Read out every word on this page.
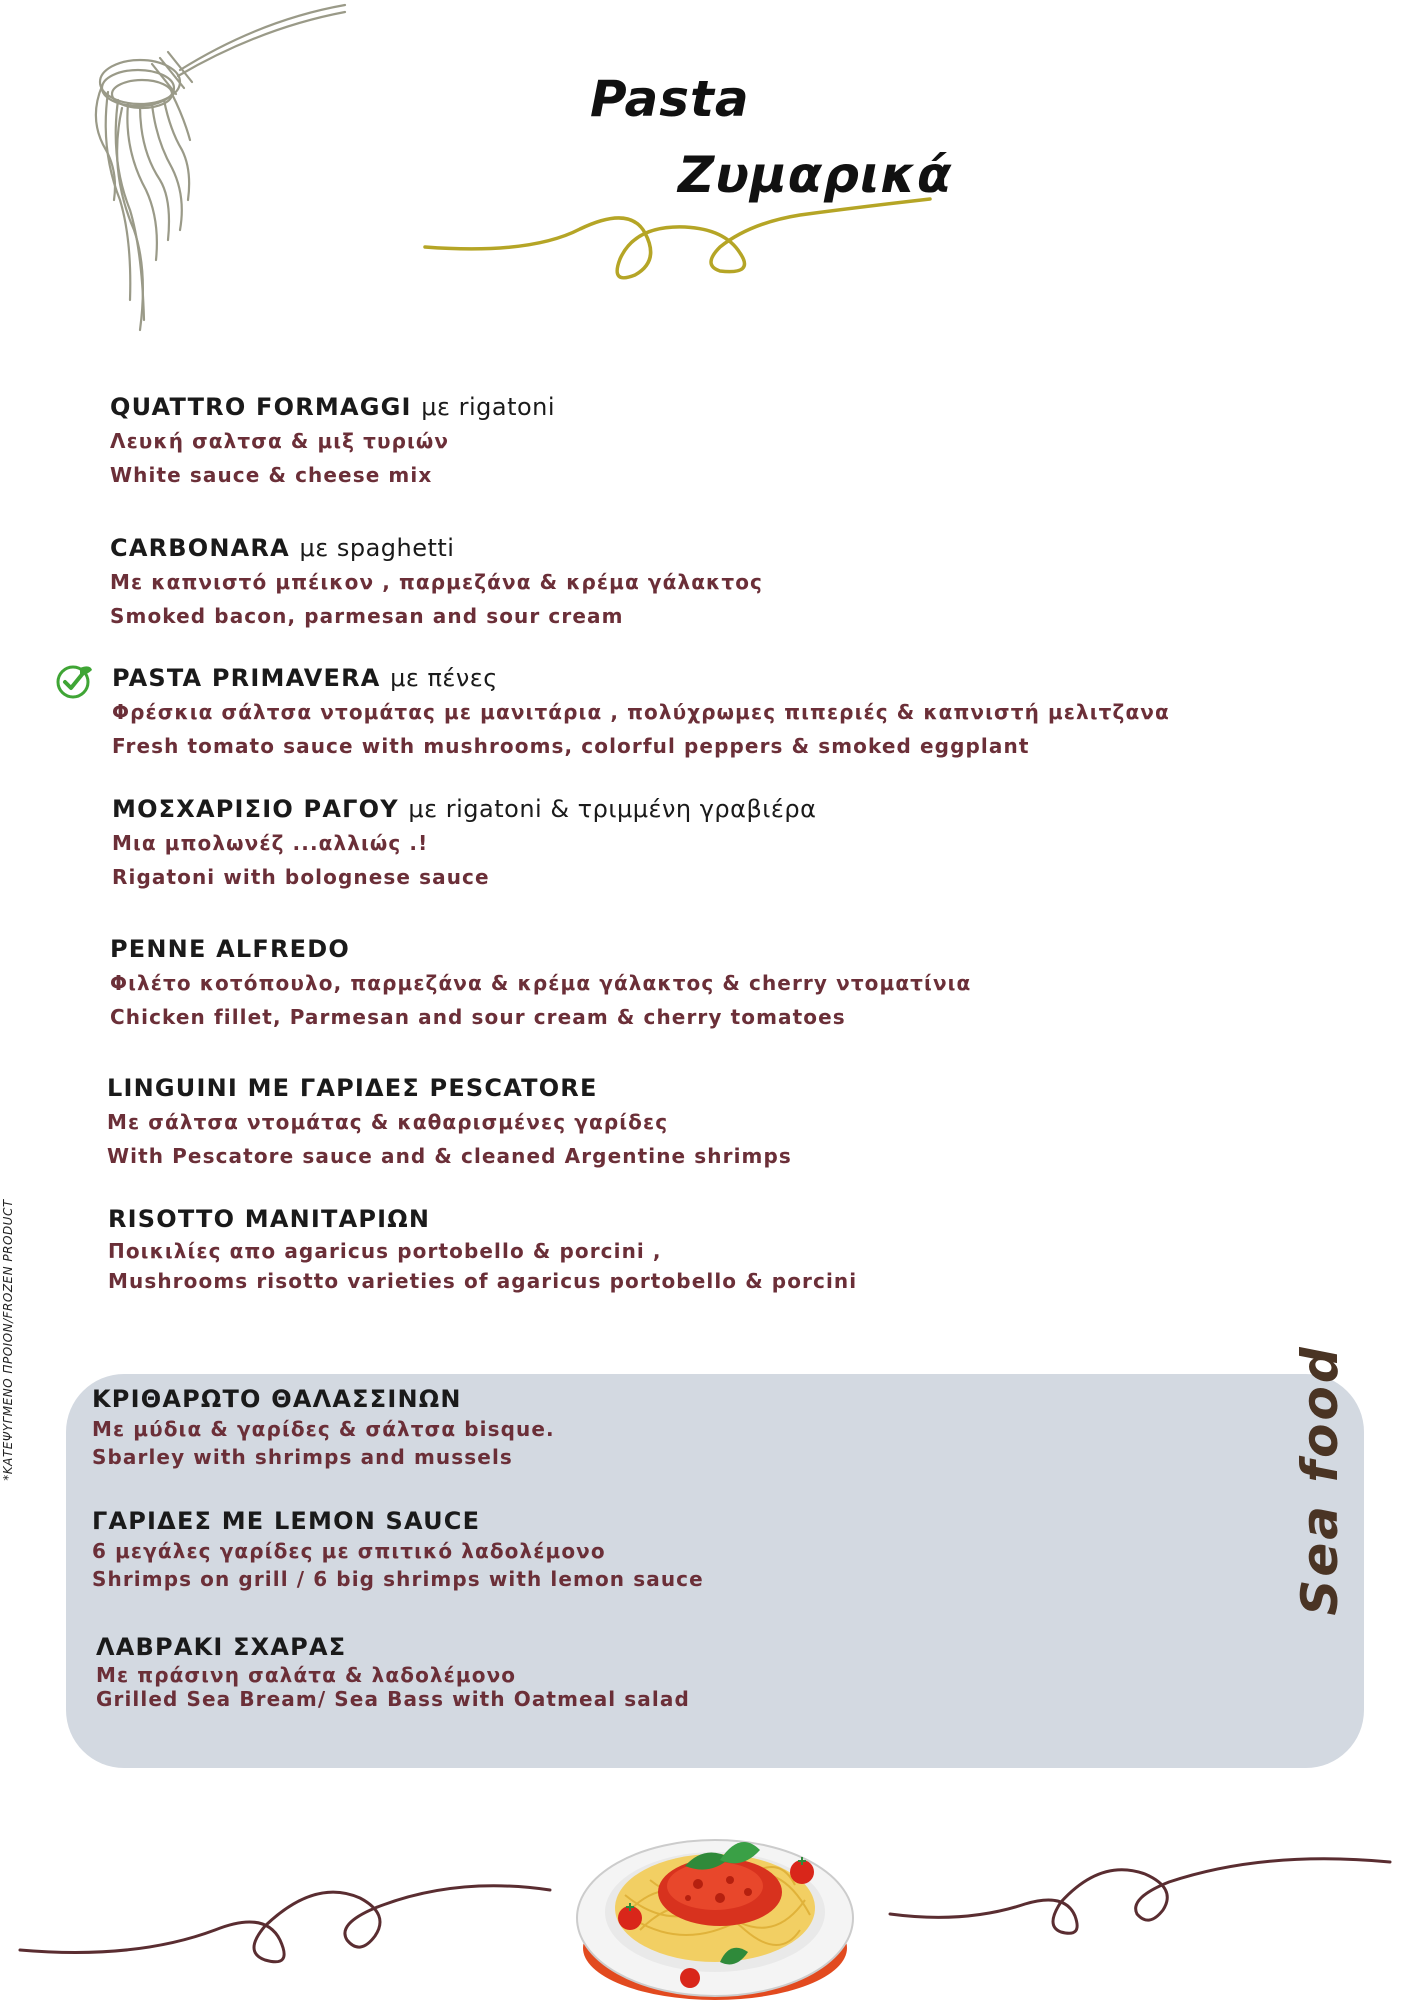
Pasta
Ζυμαρικά
QUATTRO FORMAGGI με rigatoni
Λευκή σαλτσα & μιξ τυριών
White sauce & cheese mix
CARBONARA με spaghetti
Με καπνιστό μπέικον , παρμεζάνα & κρέμα γάλακτος
Smoked bacon, parmesan and sour cream
PASTA PRIMAVERA με πένες
Φρέσκια σάλτσα ντομάτας με μανιτάρια , πολύχρωμες πιπεριές & καπνιστή μελιτζανα
Fresh tomato sauce with mushrooms, colorful peppers & smoked eggplant
ΜΟΣΧΑΡΙΣΙΟ ΡΑΓΟΥ με rigatoni & τριμμένη γραβιέρα
Μια μπολωνέζ ...αλλιώς .!
Rigatoni with bolognese sauce
PENNE ALFREDO
Φιλέτο κοτόπουλο, παρμεζάνα & κρέμα γάλακτος & cherry ντοματίνια
Chicken fillet, Parmesan and sour cream & cherry tomatoes
LINGUINI ΜΕ ΓΑΡΙΔΕΣ PESCATORE
Με σάλτσα ντομάτας & καθαρισμένες γαρίδες
With Pescatore sauce and & cleaned Argentine shrimps
RISOTTO ΜΑΝΙΤΑΡΙΩΝ
Ποικιλίες απο agaricus portobello & porcini ,
Mushrooms risotto varieties of agaricus portobello & porcini
*ΚΑΤΕΨΥΓΜΕΝΟ ΠΡΟΙΟΝ/FROZEN PRODUCT	ΚΡΙΘΑΡΩΤΟ ΘΑΛΑΣΣΙΝΩΝ
Με μύδια & γαρίδες & σάλτσα bisque.
Sbarley with shrimps and mussels
ΓΑΡΙΔΕΣ ΜΕ LEMON SAUCE
6 μεγάλες γαρίδες με σπιτικό λαδολέμονο
Shrimps on grill / 6 big shrimps with lemon sauce
ΛΑΒΡΑΚΙ ΣΧΑΡΑΣ
Με πράσινη σαλάτα & λαδολέμονο
Grilled Sea Bream/ Sea Bass with Oatmeal salad
Sea food
